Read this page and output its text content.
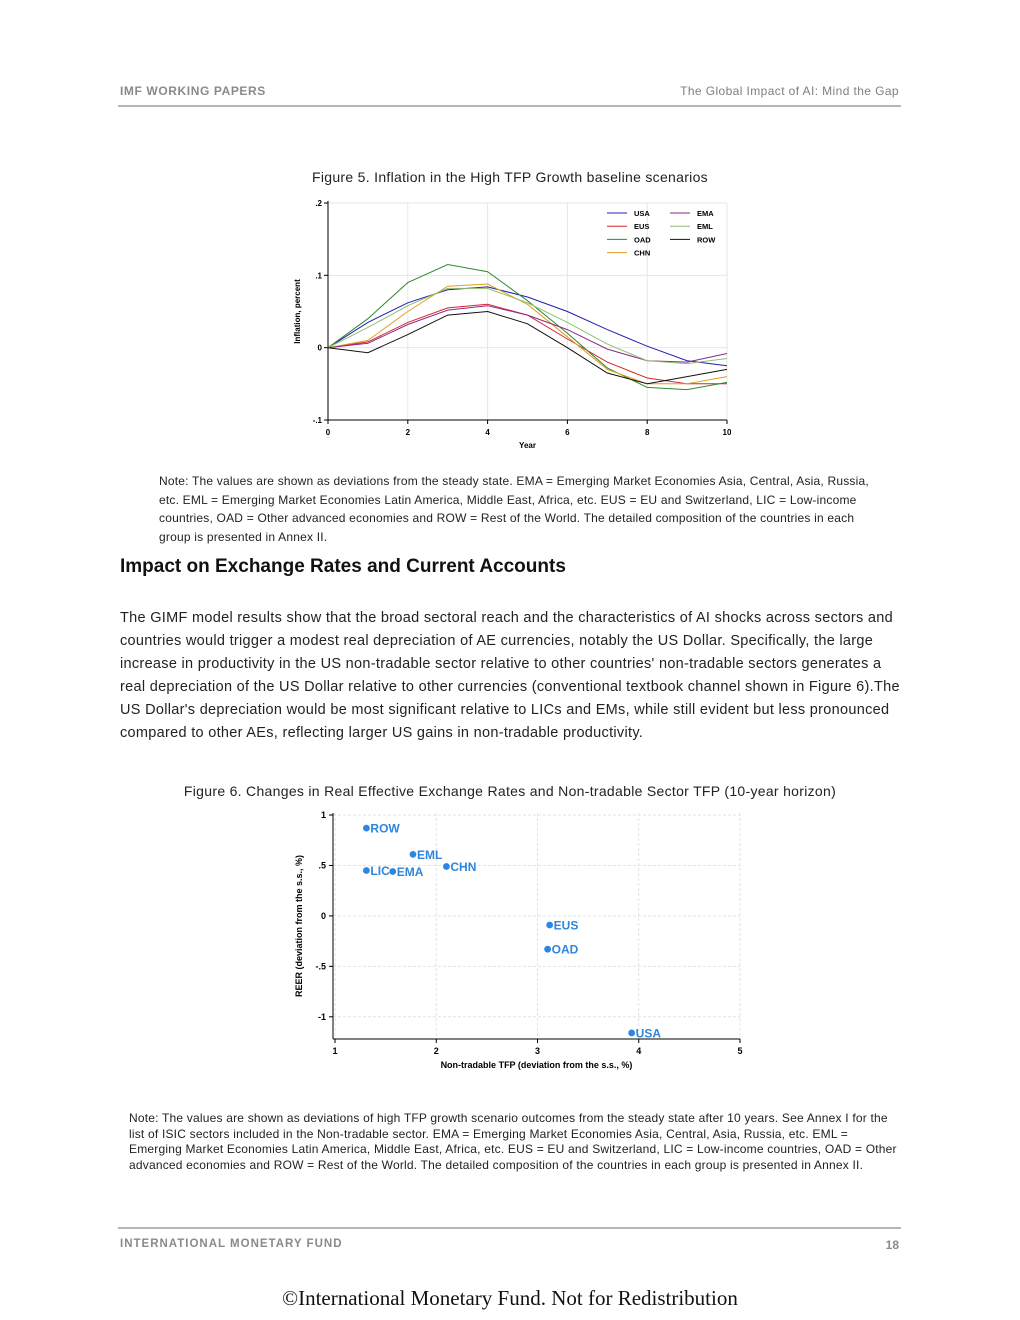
IMF WORKING PAPERS	The Global Impact of AI: Mind the Gap
Figure 5. Inflation in the High TFP Growth baseline scenarios
0	2	4	6	8	10
-.1
0
.1
.2
Year
Inflation, percent
USA
EUS
OAD
CHN
EMA
EML
ROW
Note: The values are shown as deviations from the steady state. EMA = Emerging Market Economies Asia, Central, Asia, Russia, etc. EML = Emerging Market Economies Latin America, Middle East, Africa, etc. EUS = EU and Switzerland, LIC = Low-income countries, OAD = Other advanced economies and ROW = Rest of the World. The detailed composition of the countries in each group is presented in Annex II.
Impact on Exchange Rates and Current Accounts
The GIMF model results show that the broad sectoral reach and the characteristics of AI shocks across sectors and countries would trigger a modest real depreciation of AE currencies, notably the US Dollar. Specifically, the large increase in productivity in the US non-tradable sector relative to other countries' non-tradable sectors generates a real depreciation of the US Dollar relative to other currencies (conventional textbook channel shown in Figure 6).The US Dollar's depreciation would be most significant relative to LICs and EMs, while still evident but less pronounced compared to other AEs, reflecting larger US gains in non-tradable productivity.
Figure 6. Changes in Real Effective Exchange Rates and Non-tradable Sector TFP (10-year horizon)
1	2	3	4	5
-1
-.5
0
.5
1
Non-tradable TFP (deviation from the s.s., %)
REER (deviation from the s.s., %)
ROW
EML
CHN
LIC EMA
EUS
OAD
USA
Note: The values are shown as deviations of high TFP growth scenario outcomes from the steady state after 10 years. See Annex I for the list of ISIC sectors included in the Non-tradable sector. EMA = Emerging Market Economies Asia, Central, Asia, Russia, etc. EML = Emerging Market Economies Latin America, Middle East, Africa, etc. EUS = EU and Switzerland, LIC = Low-income countries, OAD = Other advanced economies and ROW = Rest of the World. The detailed composition of the countries in each group is presented in Annex II.
INTERNATIONAL MONETARY FUND	18
©International Monetary Fund. Not for Redistribution
